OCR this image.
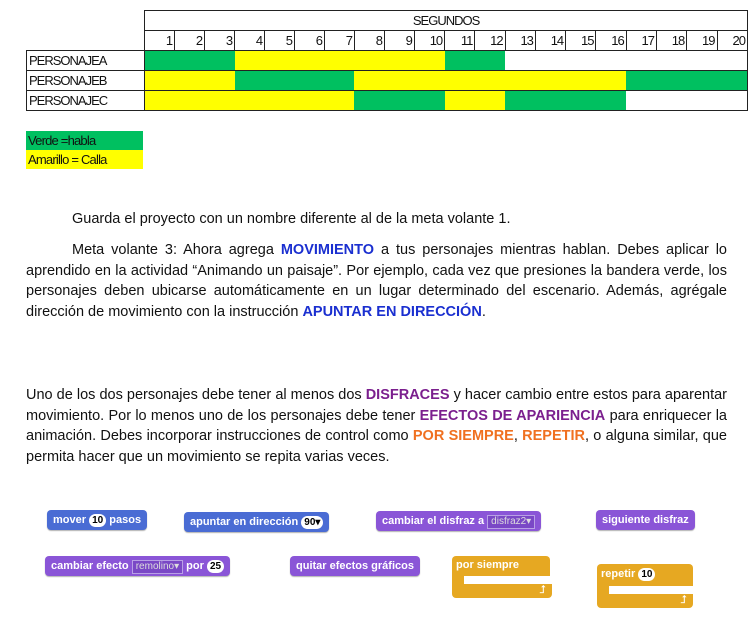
	SEGUNDOS																			
	1	2	3	4	5	6	7	8	9	10	11	12	13	14	15	16	17	18	19	20
PERSONAJEA																				
PERSONAJEB																				
PERSONAJEC																				
Verde =habla
Amarillo = Calla
Guarda el proyecto con un nombre diferente al de la meta volante 1.
Meta volante 3: Ahora agrega MOVIMIENTO a tus personajes mientras hablan. Debes aplicar lo aprendido en la actividad “Animando un paisaje”. Por ejemplo, cada vez que presiones la bandera verde, los personajes deben ubicarse automáticamente en un lugar determinado del escenario. Además, agrégale dirección de movimiento con la instrucción APUNTAR EN DIRECCIÓN.
Uno de los dos personajes debe tener al menos dos DISFRACES y hacer cambio entre estos para aparentar movimiento. Por lo menos uno de los personajes debe tener EFECTOS DE APARIENCIA para enriquecer la animación. Debes incorporar instrucciones de control como POR SIEMPRE, REPETIR, o alguna similar, que permita hacer que un movimiento se repita varias veces.
mover 10 pasos	apuntar en dirección 90▾	cambiar el disfraz a disfraz2▾	siguiente disfraz
cambiar efecto remolino▾ por 25	quitar efectos gráficos	por siempre
⮥
repetir 10
⮥
